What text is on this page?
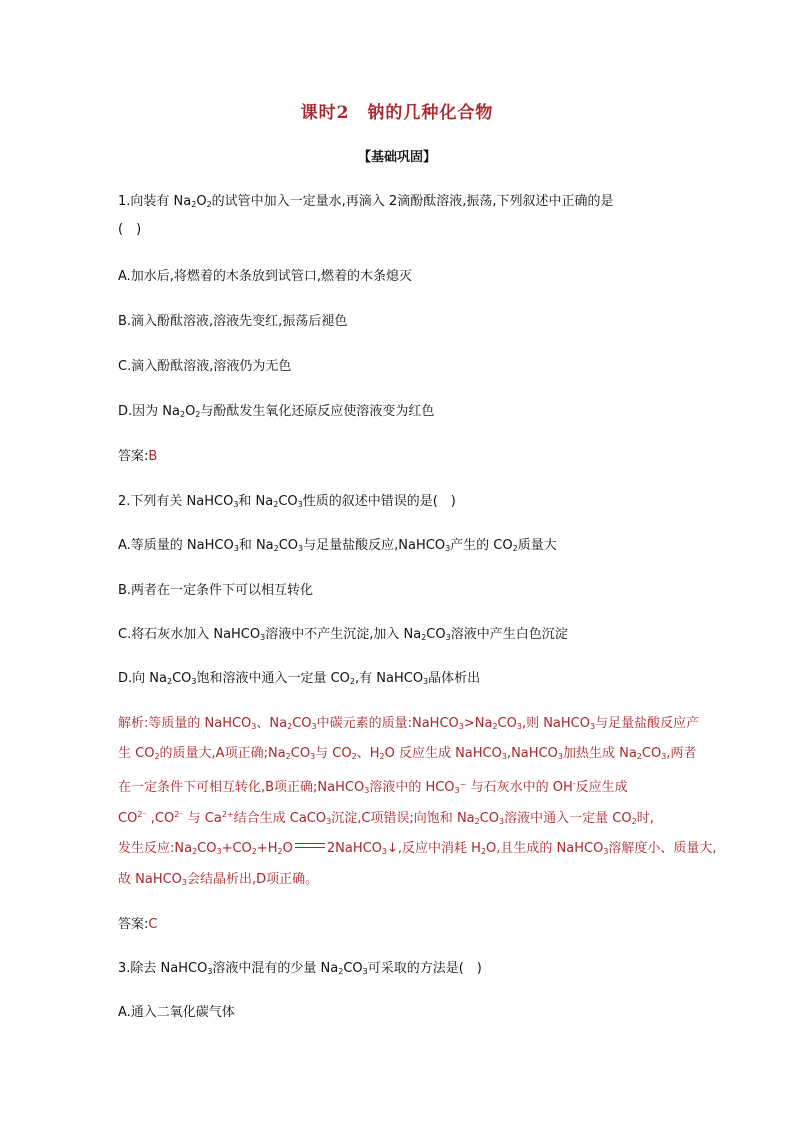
课时2　钠的几种化合物
【基础巩固】
1.向装有 $Na_2O_2$的试管中加入一定量水,再滴入 2滴酚酞溶液,振荡,下列叙述中正确的是
(　)
A.加水后,将燃着的木条放到试管口,燃着的木条熄灭
B.滴入酚酞溶液,溶液先变红,振荡后褪色
C.滴入酚酞溶液,溶液仍为无色
D.因为 $Na_2O_2$与酚酞发生氧化还原反应使溶液变为红色
答案:B
2.下列有关 NaHCO$_3$和 $Na_2CO_3$性质的叙述中错误的是(　)
A.等质量的 NaHCO$_3$和 $Na_2CO_3$与足量盐酸反应,NaHCO$_3$产生的 $CO_2$质量大
B.两者在一定条件下可以相互转化
C.将石灰水加入 NaHCO$_3$溶液中不产生沉淀,加入 $Na_2CO_3$溶液中产生白色沉淀
D.向 $Na_2CO_3$饱和溶液中通入一定量 $CO_2$,有 NaHCO$_3$晶体析出
解析:等质量的 NaHCO$_3$、$Na_2CO_3$中碳元素的质量$:NaHCO_3>Na_2CO_3$,则 NaHCO$_3$与足量盐酸反应产
生 $CO_2$的质量大,A项正确$;Na_2CO_3$与 $CO_2$、$H_2O$ 反应生成 NaHCO$_3$,NaHCO$_3$加热生成 $Na_2CO_3$,两者
在一定条件下可相互转化,B项正确;NaHCO$_3$溶液中的 $HCO_3^-$ 与石灰水中的 OH-反应生成
$CO^{2^-}$ $,CO^{2^-}$ 与 $Ca^{2+}$结合生成 CaCO$_3$沉淀,C项错误;向饱和 $Na_2CO_3$溶液中通入一定量 $CO_2$时,
发生反应$:Na_2CO_3+CO_2+H_2O$	2NaHCO$_3$↓,反应中消耗 $H_2O$,且生成的 NaHCO$_3$溶解度小、质量大,
故 NaHCO$_3$会结晶析出,D项正确。
答案:C
3.除去 NaHCO$_3$溶液中混有的少量 $Na_2CO_3$可采取的方法是(　)
A.通入二氧化碳气体
